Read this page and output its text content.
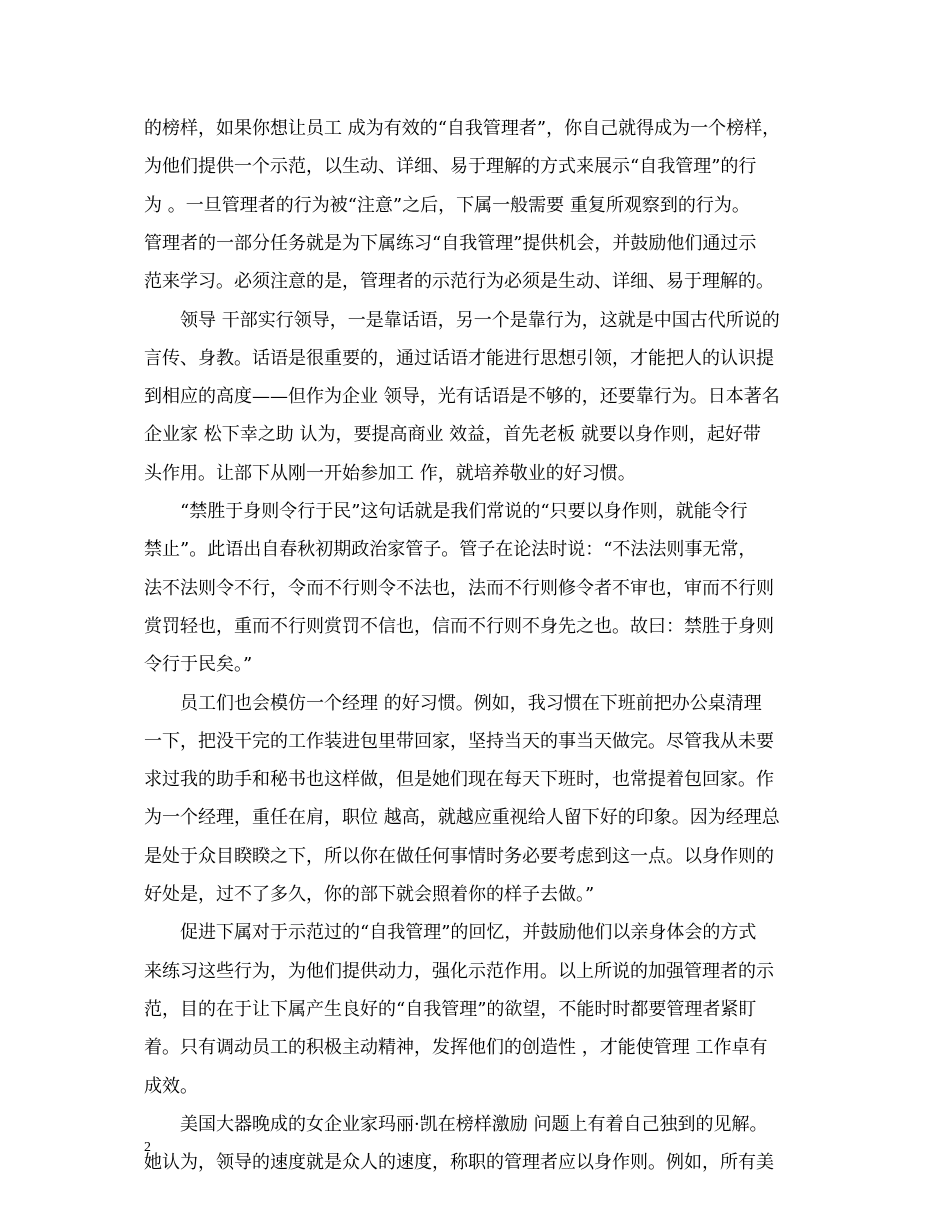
的榜样，如果你想让员工 成为有效的“自我管理者”，你自己就得成为一个榜样，
为他们提供一个示范，以生动、详细、易于理解的方式来展示“自我管理”的行
为 。一旦管理者的行为被“注意”之后，下属一般需要 重复所观察到的行为。
管理者的一部分任务就是为下属练习“自我管理”提供机会，并鼓励他们通过示
范来学习。必须注意的是，管理者的示范行为必须是生动、详细、易于理解的。
　　领导 干部实行领导，一是靠话语，另一个是靠行为，这就是中国古代所说的
言传、身教。话语是很重要的，通过话语才能进行思想引领，才能把人的认识提
到相应的高度——但作为企业 领导，光有话语是不够的，还要靠行为。日本著名
企业家 松下幸之助 认为，要提高商业 效益，首先老板 就要以身作则，起好带
头作用。让部下从刚一开始参加工 作，就培养敬业的好习惯。
　　“禁胜于身则令行于民”这句话就是我们常说的“只要以身作则，就能令行
禁止”。此语出自春秋初期政治家管子。管子在论法时说：“不法法则事无常，
法不法则令不行，令而不行则令不法也，法而不行则修令者不审也，审而不行则
赏罚轻也，重而不行则赏罚不信也，信而不行则不身先之也。故曰：禁胜于身则
令行于民矣。”
　　员工们也会模仿一个经理 的好习惯。例如，我习惯在下班前把办公桌清理
一下，把没干完的工作装进包里带回家，坚持当天的事当天做完。尽管我从未要
求过我的助手和秘书也这样做，但是她们现在每天下班时，也常提着包回家。作
为一个经理，重任在肩，职位 越高，就越应重视给人留下好的印象。因为经理总
是处于众目睽睽之下，所以你在做任何事情时务必要考虑到这一点。以身作则的
好处是，过不了多久，你的部下就会照着你的样子去做。”
　　促进下属对于示范过的“自我管理”的回忆，并鼓励他们以亲身体会的方式
来练习这些行为，为他们提供动力，强化示范作用。以上所说的加强管理者的示
范，目的在于让下属产生良好的“自我管理”的欲望，不能时时都要管理者紧盯
着。只有调动员工的积极主动精神，发挥他们的创造性 ，才能使管理 工作卓有
成效。
　　美国大器晚成的女企业家玛丽·凯在榜样激励 问题上有着自己独到的见解。
她认为，领导的速度就是众人的速度，称职的管理者应以身作则。例如，所有美
2
